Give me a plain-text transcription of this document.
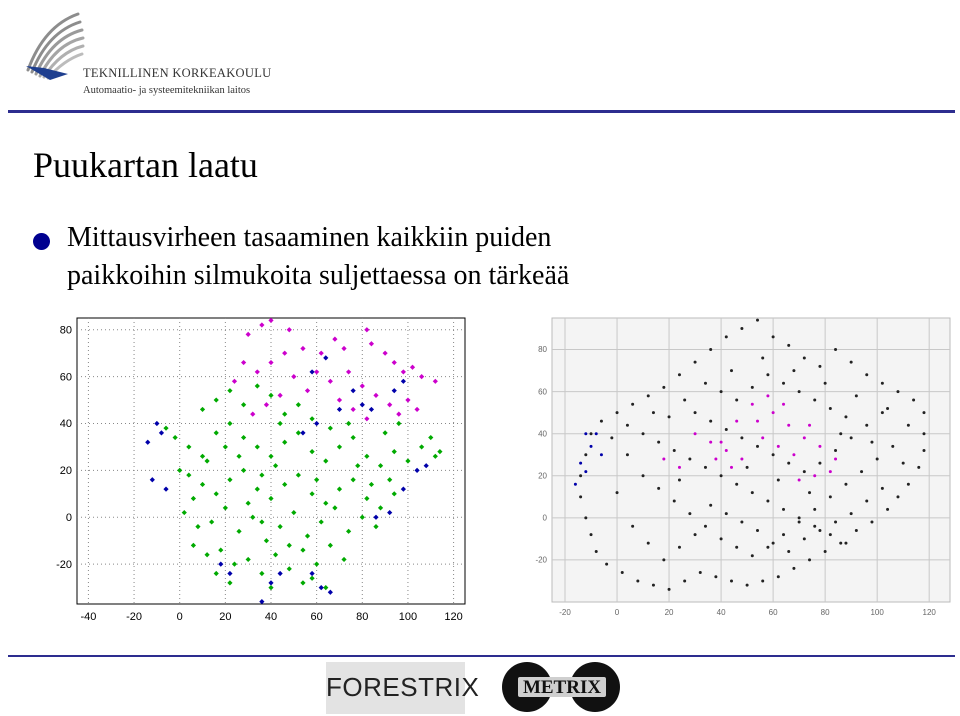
TEKNILLINEN KORKEAKOULU
Automaatio- ja systeemitekniikan laitos
Puukartan laatu
Mittausvirheen tasaaminen kaikkiin puiden
paikkoihin silmukoita suljettaessa on tärkeää
-40	-20	0	20	40	60	80	100 120
80
60
40
20
0
-20
-20	0	20	40	60	80	100	120
80
60
40
20
0
-20
FORESTRIX METRIX
